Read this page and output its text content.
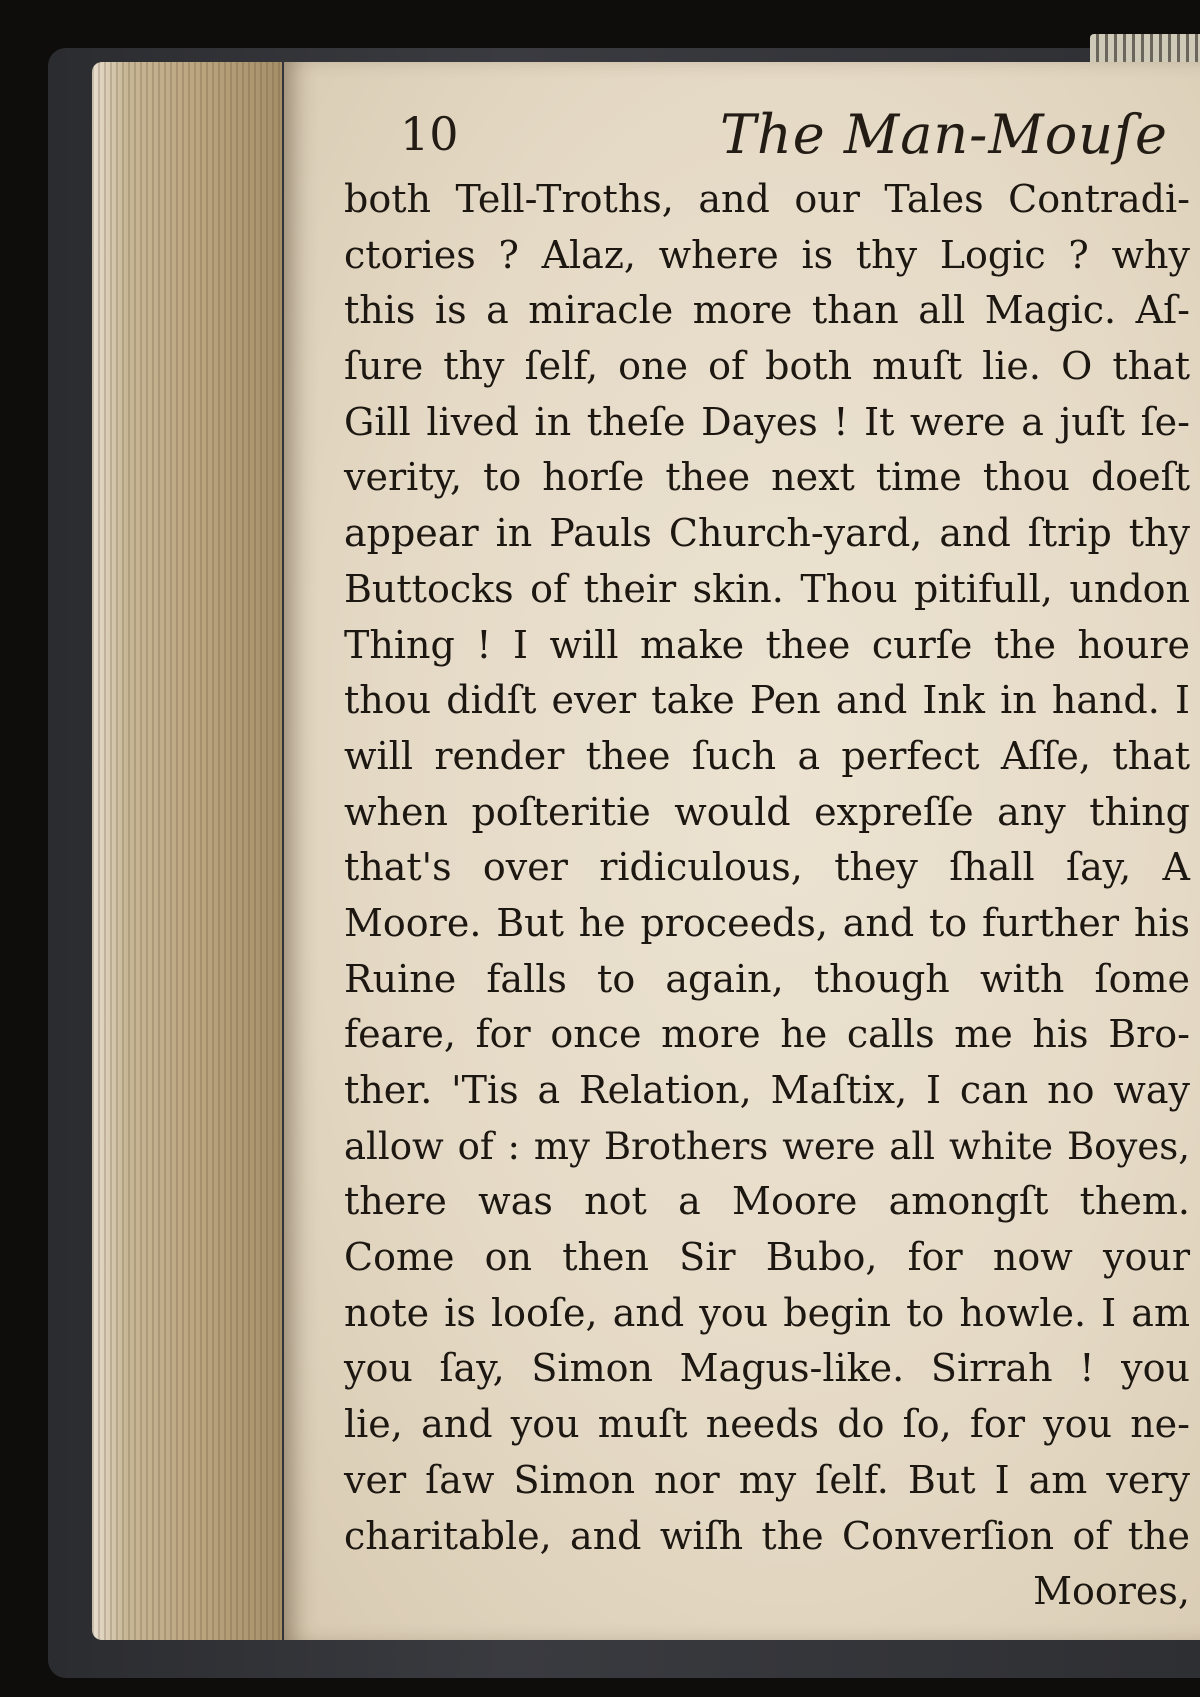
10	The Man-Mouſe
both Tell-Troths, and our Tales Contradi-
ctories ? Alaz, where is thy Logic ? why
this is a miracle more than all Magic. Aſ-
ſure thy ſelf, one of both muſt lie. O that
Gill lived in theſe Dayes ! It were a juſt ſe-
verity, to horſe thee next time thou doeſt
appear in Pauls Church-yard, and ſtrip thy
Buttocks of their skin. Thou pitifull, undon
Thing ! I will make thee curſe the houre
thou didſt ever take Pen and Ink in hand. I
will render thee ſuch a perfect Aſſe, that
when poſteritie would expreſſe any thing
that's over ridiculous, they ſhall ſay, A
Moore. But he proceeds, and to further his
Ruine falls to again, though with ſome
feare, for once more he calls me his Bro-
ther. 'Tis a Relation, Maſtix, I can no way
allow of : my Brothers were all white Boyes,
there was not a Moore amongſt them.
Come on then Sir Bubo, for now your
note is looſe, and you begin to howle. I am
you ſay, Simon Magus-like. Sirrah ! you
lie, and you muſt needs do ſo, for you ne-
ver ſaw Simon nor my ſelf. But I am very
charitable, and wiſh the Converſion of the
Moores,
